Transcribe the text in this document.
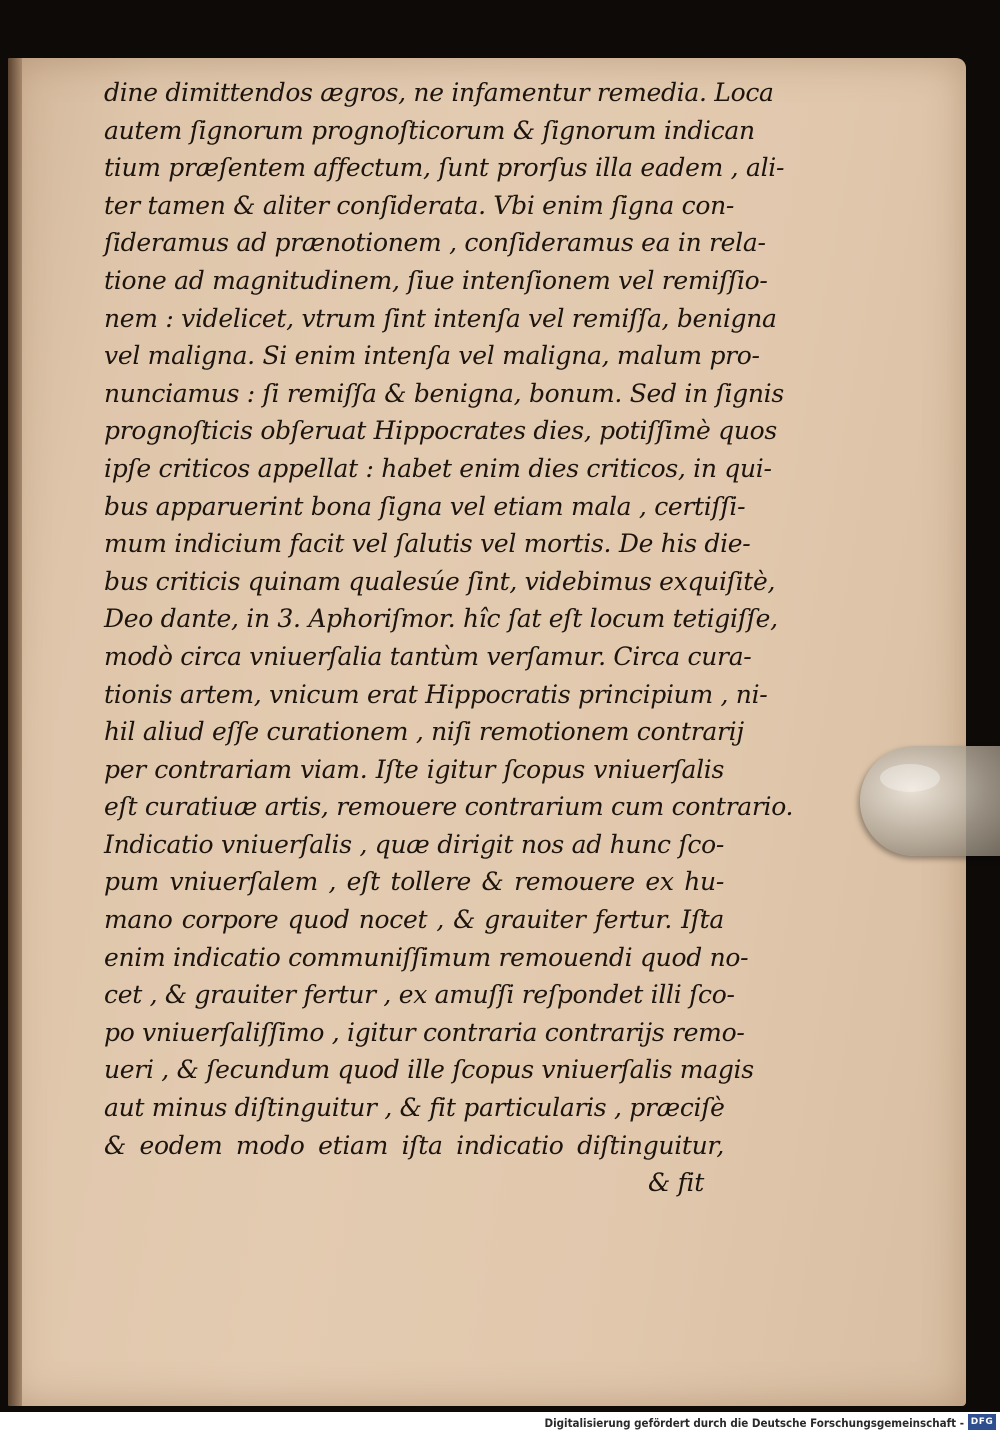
dine dimittendos ægros, ne infamentur remedia. Loca
autem ſignorum prognoſticorum & ſignorum indican
tium præſentem affectum, ſunt prorſus illa eadem , ali-
ter tamen & aliter conſiderata. Vbi enim ſigna con-
ſideramus ad prænotionem , conſideramus ea in rela-
tione ad magnitudinem, ſiue intenſionem vel remiſſio-
nem : videlicet, vtrum ſint intenſa vel remiſſa, benigna
vel maligna. Si enim intenſa vel maligna, malum pro-
nunciamus : ſi remiſſa & benigna, bonum. Sed in ſignis
prognoſticis obſeruat Hippocrates dies, potiſſimè quos
ipſe criticos appellat : habet enim dies criticos, in qui-
bus apparuerint bona ſigna vel etiam mala , certiſſi-
mum indicium facit vel ſalutis vel mortis. De his die-
bus criticis quinam qualesúe ſint, videbimus exquiſitè,
Deo dante, in 3. Aphoriſmor. hîc ſat eſt locum tetigiſſe,
modò circa vniuerſalia tantùm verſamur. Circa cura-
tionis artem, vnicum erat Hippocratis principium , ni-
hil aliud eſſe curationem , niſi remotionem contrarij
per contrariam viam. Iſte igitur ſcopus vniuerſalis
eſt curatiuæ artis, remouere contrarium cum contrario.
Indicatio vniuerſalis , quæ dirigit nos ad hunc ſco-
pum vniuerſalem , eſt tollere & remouere ex hu-
mano corpore quod nocet , & grauiter fertur. Iſta
enim indicatio communiſſimum remouendi quod no-
cet , & grauiter fertur , ex amuſſi reſpondet illi ſco-
po vniuerſaliſſimo , igitur contraria contrarijs remo-
ueri , & ſecundum quod ille ſcopus vniuerſalis magis
aut minus diſtinguitur , & fit particularis , præciſè
& eodem modo etiam iſta indicatio diſtinguitur,
& fit
Digitalisierung gefördert durch die Deutsche Forschungsgemeinschaft - DFG
